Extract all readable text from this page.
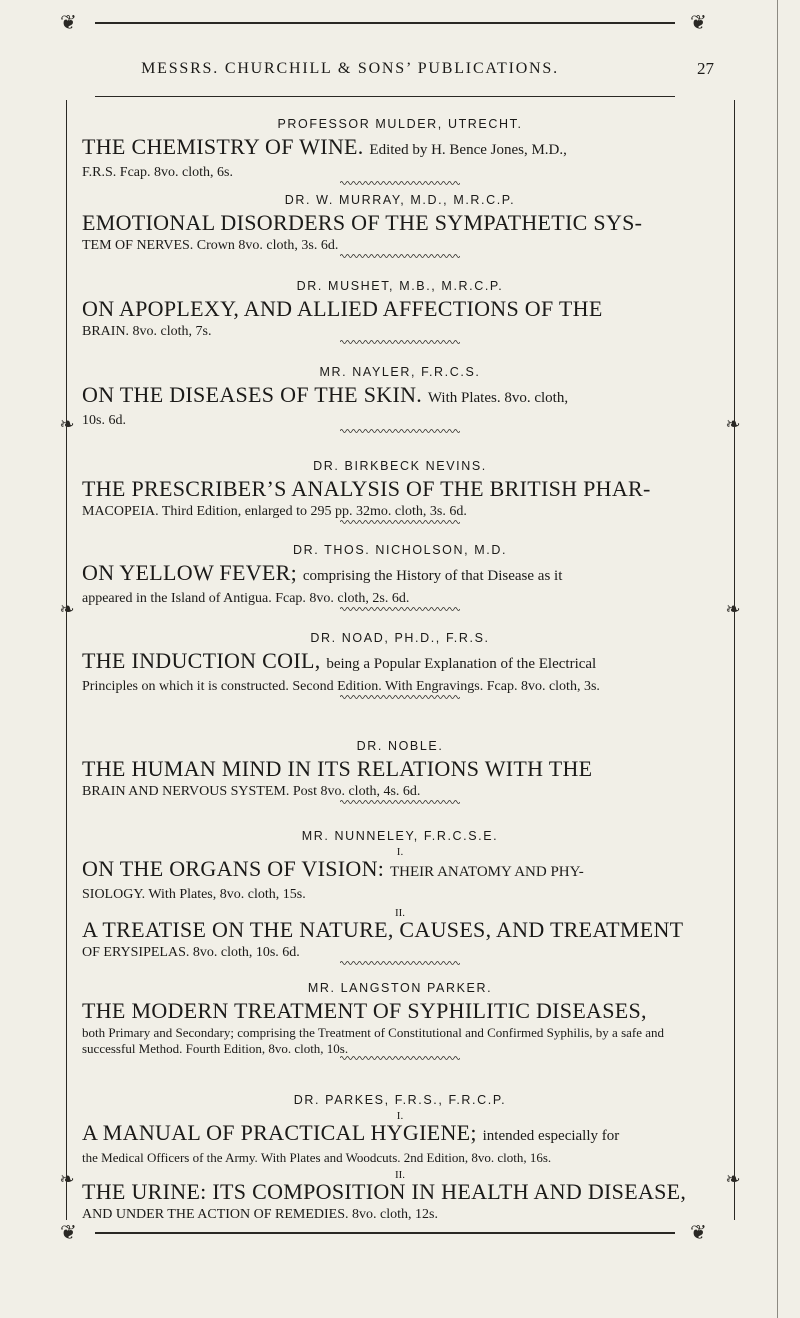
❦	❦
MESSRS. CHURCHILL & SONS’ PUBLICATIONS.	27
❧
❧
❧
❧
❧	❧

PROFESSOR MULDER, UTRECHT.

THE CHEMISTRY OF WINE. Edited by H. Bence Jones, M.D.,

F.R.S. Fcap. 8vo. cloth, 6s.

DR. W. MURRAY, M.D., M.R.C.P.

EMOTIONAL DISORDERS OF THE SYMPATHETIC SYS-

TEM OF NERVES. Crown 8vo. cloth, 3s. 6d.

DR. MUSHET, M.B., M.R.C.P.

ON APOPLEXY, AND ALLIED AFFECTIONS OF THE

BRAIN. 8vo. cloth, 7s.

MR. NAYLER, F.R.C.S.

ON THE DISEASES OF THE SKIN. With Plates. 8vo. cloth,

10s. 6d.

DR. BIRKBECK NEVINS.

THE PRESCRIBER’S ANALYSIS OF THE BRITISH PHAR-

MACOPEIA. Third Edition, enlarged to 295 pp. 32mo. cloth, 3s. 6d.

DR. THOS. NICHOLSON, M.D.

ON YELLOW FEVER; comprising the History of that Disease as it

appeared in the Island of Antigua. Fcap. 8vo. cloth, 2s. 6d.

DR. NOAD, PH.D., F.R.S.

THE INDUCTION COIL, being a Popular Explanation of the Electrical

Principles on which it is constructed. Second Edition. With Engravings. Fcap. 8vo. cloth, 3s.

DR. NOBLE.

THE HUMAN MIND IN ITS RELATIONS WITH THE

BRAIN AND NERVOUS SYSTEM. Post 8vo. cloth, 4s. 6d.

MR. NUNNELEY, F.R.C.S.E.

I.

ON THE ORGANS OF VISION: THEIR ANATOMY AND PHY-

SIOLOGY. With Plates, 8vo. cloth, 15s.

II.

A TREATISE ON THE NATURE, CAUSES, AND TREATMENT

OF ERYSIPELAS. 8vo. cloth, 10s. 6d.

MR. LANGSTON PARKER.

THE MODERN TREATMENT OF SYPHILITIC DISEASES,

both Primary and Secondary; comprising the Treatment of Constitutional and Confirmed Syphilis, by a safe and successful Method. Fourth Edition, 8vo. cloth, 10s.

DR. PARKES, F.R.S., F.R.C.P.

I.

A MANUAL OF PRACTICAL HYGIENE; intended especially for

the Medical Officers of the Army. With Plates and Woodcuts. 2nd Edition, 8vo. cloth, 16s.

II.

THE URINE: ITS COMPOSITION IN HEALTH AND DISEASE,

AND UNDER THE ACTION OF REMEDIES. 8vo. cloth, 12s.

❦	❦
